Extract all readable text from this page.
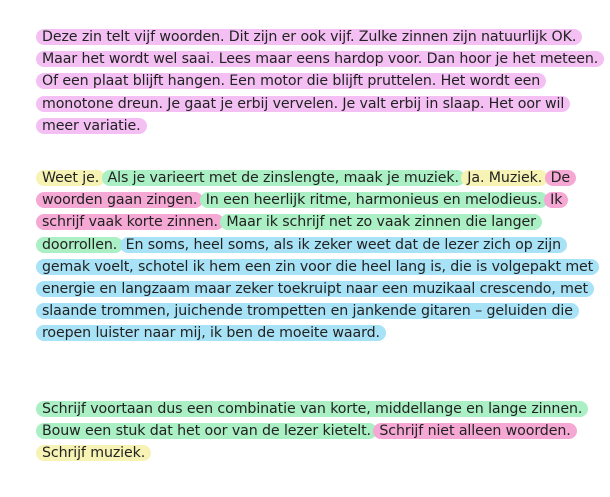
Deze zin telt vijf woorden. Dit zijn er ook vijf. Zulke zinnen zijn natuurlijk OK. Maar het wordt wel saai. Lees maar eens hardop voor. Dan hoor je het meteen. Of een plaat blijft hangen. Een motor die blijft pruttelen. Het wordt een monotone dreun. Je gaat je erbij vervelen. Je valt erbij in slaap. Het oor wil meer variatie.

Weet je. Als je varieert met de zinslengte, maak je muziek. Ja. Muziek. De woorden gaan zingen. In een heerlijk ritme, harmonieus en melodieus. Ik schrijf vaak korte zinnen. Maar ik schrijf net zo vaak zinnen die langer doorrollen. En soms, heel soms, als ik zeker weet dat de lezer zich op zijn gemak voelt, schotel ik hem een zin voor die heel lang is, die is volgepakt met energie en langzaam maar zeker toekruipt naar een muzikaal crescendo, met slaande trommen, juichende trompetten en jankende gitaren – geluiden die roepen luister naar mij, ik ben de moeite waard.

Schrijf voortaan dus een combinatie van korte, middellange en lange zinnen. Bouw een stuk dat het oor van de lezer kietelt. Schrijf niet alleen woorden. Schrijf muziek.
